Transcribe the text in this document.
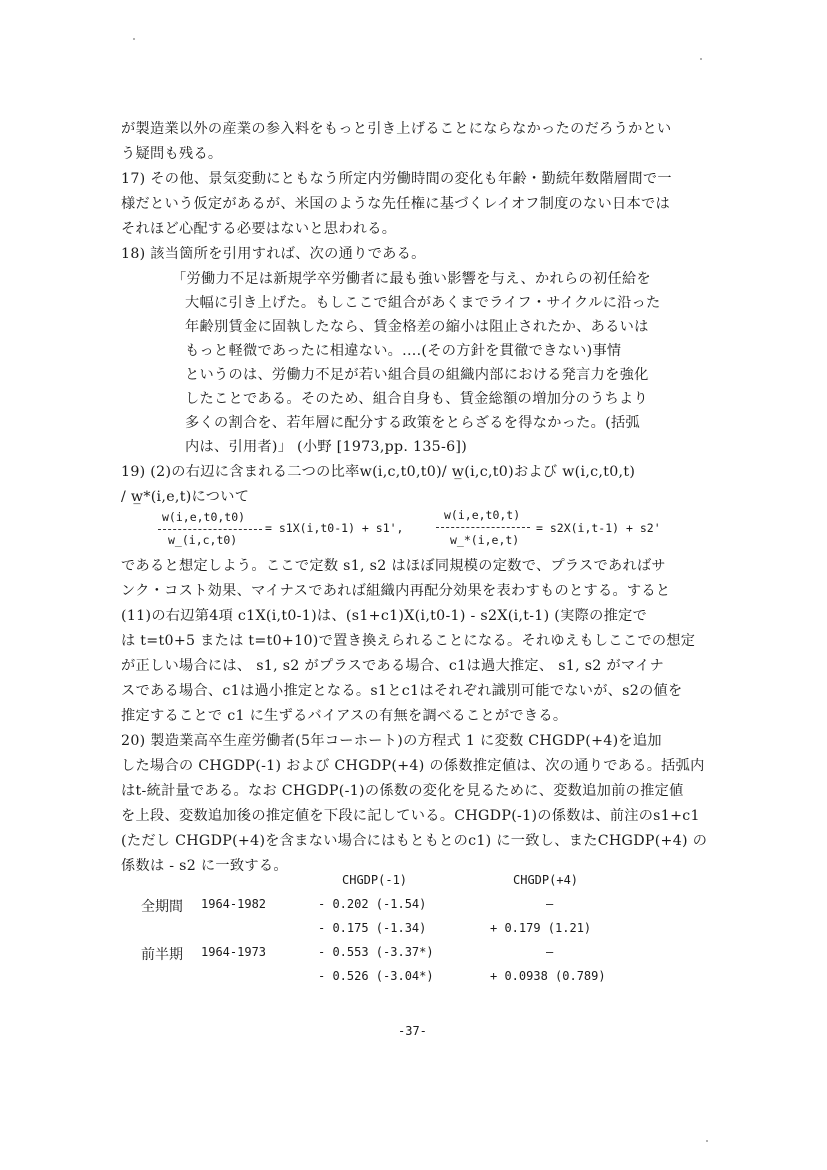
が製造業以外の産業の参入料をもっと引き上げることにならなかったのだろうかとい
う疑問も残る。
17) その他、景気変動にともなう所定内労働時間の変化も年齢・勤続年数階層間で一
様だという仮定があるが、米国のような先任権に基づくレイオフ制度のない日本では
それほど心配する必要はないと思われる。
18) 該当箇所を引用すれば、次の通りである。
「労働力不足は新規学卒労働者に最も強い影響を与え、かれらの初任給を
大幅に引き上げた。もしここで組合があくまでライフ・サイクルに沿った
年齢別賃金に固執したなら、賃金格差の縮小は阻止されたか、あるいは
もっと軽微であったに相違ない。....(その方針を貫徹できない)事情
というのは、労働力不足が若い組合員の組織内部における発言力を強化
したことである。そのため、組合自身も、賃金総額の増加分のうちより
多くの割合を、若年層に配分する政策をとらざるを得なかった。(括弧
内は、引用者)」 (小野 [1973,pp. 135-6])
19) (2)の右辺に含まれる二つの比率w(i,c,t0,t0)/ w̲(i,c,t0)および w(i,c,t0,t)
/ w̲*(i,e,t)について
w(i,e,t0,t0)
w̲(i,c,t0)
= s1X(i,t0-1) + s1',
w(i,e,t0,t)
w̲*(i,e,t)
= s2X(i,t-1) + s2'
であると想定しよう。ここで定数 s1, s2 はほぼ同規模の定数で、プラスであればサ
ンク・コスト効果、マイナスであれば組織内再配分効果を表わすものとする。すると
(11)の右辺第4項 c1X(i,t0-1)は、(s1+c1)X(i,t0-1) - s2X(i,t-1) (実際の推定で
は t=t0+5 または t=t0+10)で置き換えられることになる。それゆえもしここでの想定
が正しい場合には、 s1, s2 がプラスである場合、c1は過大推定、 s1, s2 がマイナ
スである場合、c1は過小推定となる。s1とc1はそれぞれ識別可能でないが、s2の値を
推定することで c1 に生ずるバイアスの有無を調べることができる。
20) 製造業高卒生産労働者(5年コーホート)の方程式 1 に変数 CHGDP(+4)を追加
した場合の CHGDP(-1) および CHGDP(+4) の係数推定値は、次の通りである。括弧内
はt-統計量である。なお CHGDP(-1)の係数の変化を見るために、変数追加前の推定値
を上段、変数追加後の推定値を下段に記している。CHGDP(-1)の係数は、前注のs1+c1
(ただし CHGDP(+4)を含まない場合にはもともとのc1) に一致し、またCHGDP(+4) の
係数は - s2 に一致する。
CHGDP(-1)	CHGDP(+4)
全期間 1964-1982	- 0.202 (-1.54)	—
- 0.175 (-1.34)	+ 0.179 (1.21)
前半期 1964-1973	- 0.553 (-3.37*)	—
- 0.526 (-3.04*)	+ 0.0938 (0.789)
-37-
